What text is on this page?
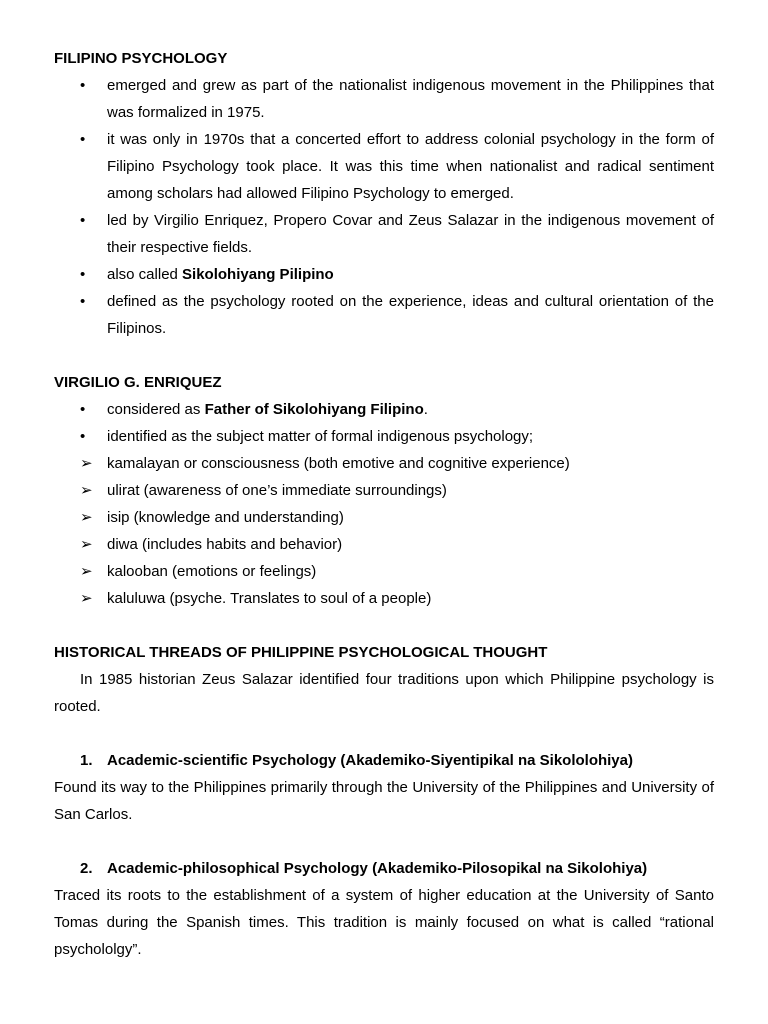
FILIPINO PSYCHOLOGY

•	emerged and grew as part of the nationalist indigenous movement in the Philippines that was formalized in 1975.
•	it was only in 1970s that a concerted effort to address colonial psychology in the form of Filipino Psychology took place. It was this time when nationalist and radical sentiment among scholars had allowed Filipino Psychology to emerged.
•	led by Virgilio Enriquez, Propero Covar and Zeus Salazar in the indigenous movement of their respective fields.
•	also called Sikolohiyang Pilipino
•	defined as the psychology rooted on the experience, ideas and cultural orientation of the Filipinos.

VIRGILIO G. ENRIQUEZ

•	considered as Father of Sikolohiyang Filipino.
•	identified as the subject matter of formal indigenous psychology;
➢ kamalayan or consciousness (both emotive and cognitive experience)
➢ ulirat (awareness of one’s immediate surroundings)
➢ isip (knowledge and understanding)
➢ diwa (includes habits and behavior)
➢ kalooban (emotions or feelings)
➢ kaluluwa (psyche. Translates to soul of a people)

HISTORICAL THREADS OF PHILIPPINE PSYCHOLOGICAL THOUGHT

In 1985 historian Zeus Salazar identified four traditions upon which Philippine psychology is rooted.

1. Academic-scientific Psychology (Akademiko-Siyentipikal na Sikololohiya)

Found its way to the Philippines primarily through the University of the Philippines and University of San Carlos.

2. Academic-philosophical Psychology (Akademiko-Pilosopikal na Sikolohiya)

Traced its roots to the establishment of a system of higher education at the University of Santo Tomas during the Spanish times. This tradition is mainly focused on what is called “rational psychololgy”.
